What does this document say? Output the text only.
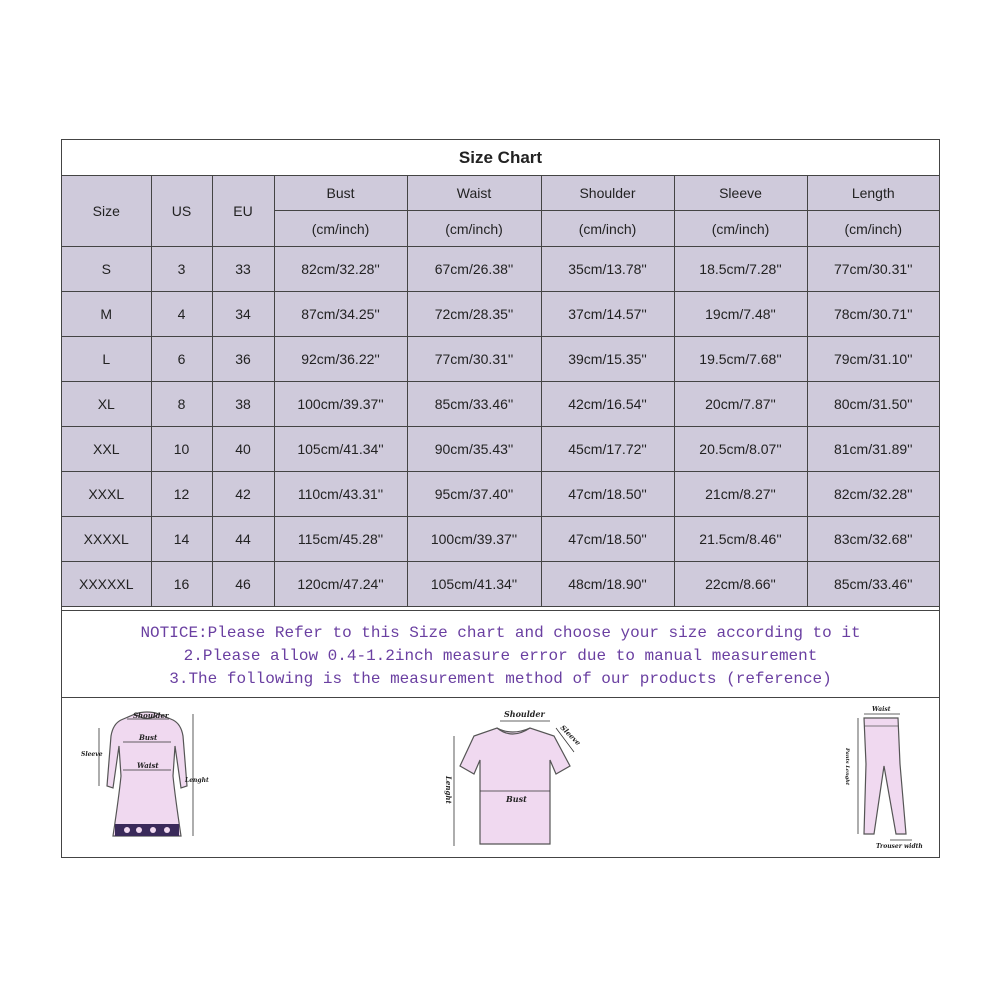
Size Chart
Size	US	EU	Bust	Waist	Shoulder	Sleeve	Length
			(cm/inch)	(cm/inch)	(cm/inch)	(cm/inch)	(cm/inch)
S	3	33	82cm/32.28''	67cm/26.38''	35cm/13.78''	18.5cm/7.28''	77cm/30.31''
M	4	34	87cm/34.25''	72cm/28.35''	37cm/14.57''	19cm/7.48''	78cm/30.71''
L	6	36	92cm/36.22''	77cm/30.31''	39cm/15.35''	19.5cm/7.68''	79cm/31.10''
XL	8	38	100cm/39.37''	85cm/33.46''	42cm/16.54''	20cm/7.87''	80cm/31.50''
XXL	10	40	105cm/41.34''	90cm/35.43''	45cm/17.72''	20.5cm/8.07''	81cm/31.89''
XXXL	12	42	110cm/43.31''	95cm/37.40''	47cm/18.50''	21cm/8.27''	82cm/32.28''
XXXXL	14	44	115cm/45.28''	100cm/39.37''	47cm/18.50''	21.5cm/8.46''	83cm/32.68''
XXXXXL	16	46	120cm/47.24''	105cm/41.34''	48cm/18.90''	22cm/8.66''	85cm/33.46''
NOTICE:Please Refer to this Size chart and choose your size according to it
2.Please allow 0.4-1.2inch measure error due to manual measurement
3.The following is the measurement method of our products (reference)
Shoulder
Bust
Waist
Sleeve
Lenght
Shoulder
Sleeve
Bust
Lenght
Waist
Pants Lenght
Trouser width
